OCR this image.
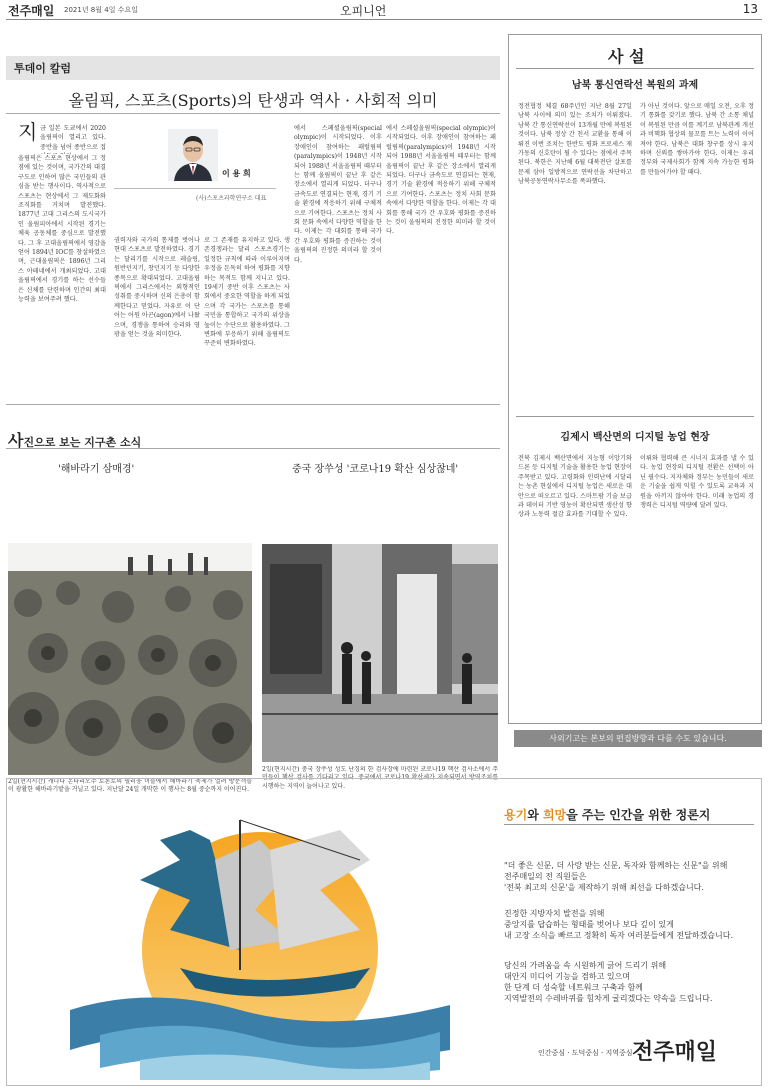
전주매일 2021년 8월 4일 수요일	오피니언	13
투데이 칼럼
올림픽, 스포츠(Sports)의 탄생과 역사 · 사회적 의미
지 금 일본 도쿄에서 2020올림픽이 열리고 있다. 중반을 넘어 종반으로 접
올림픽은 스포츠 현상에서 그 정점에 있는 것이며, 국가간의 대결 구도로 인하여 많은 국민들의 관심을 받는 행사이다. 역사적으로 스포츠는 현상에서 그 제도화와 조직화를 거치며 발전했다. 1877년 고대 그리스의 도시국가인 올림피아에서 시작된 경기는 체육 공동체를 중심으로 발전했다. 그 후 고대올림픽에서 영감을 얻어 1894년 IOC를 창설하였으며, 근대올림픽은 1896년 그리스 아테네에서 개최되었다. 고대올림픽에서 경기를 하는 선수들은 신체를 단련하며 인간의 최대 능력을 보여주려 했다.
이 용 희
(사)스포츠과학연구소 대표
권력자와 국가의 통제를 벗어나 현대 스포츠로 발전하였다. 경기는 달리기를 시작으로 레슬링, 원반던지기, 창던지기 등 다양한 종목으로 확대되었다. 고대올림픽에서 그리스에서는 외형적인 성취를 중시하며 신의 은총이 함께한다고 믿었다. 자유로 이 단어는 어원 아곤(agon)에서 나왔으며, 경쟁을 통하여 승리와 영광을 얻는 것을 의미한다.
로 그 존재를 유지하고 있다. 생존경쟁과는 달리 스포츠경기는 일정한 규칙에 따라 이루어지며 우정을 돈독히 하여 평화를 지향하는 목적도 함께 지니고 있다. 19세기 중반 이후 스포츠는 사회에서 중요한 역할을 하게 되었으며 각 국가는 스포츠를 통해 국민을 통합하고 국가의 위상을 높이는 수단으로 활용하였다. 그 변화에 부응하기 위해 올림픽도 꾸준히 변화하였다.
에서 스페셜올림픽(special olympic)이 시작되었다. 이후 장애인이 참여하는 패럴림픽(paralympics)이 1948년 시작되어 1988년 서울올림픽 때부터는 함께 올림픽이 끝난 후 같은 장소에서 열리게 되었다. 더구나 금속도로 연결되는 현재, 경기 기술 환경에 적응하기 위해 구체적으로 기여한다. 스포츠는 정치 사회 문화 속에서 다양한 역할을 한다. 이제는 각 대회를 통해 국가 간 우호와 평화를 증진하는 것이 올림픽의 진정한 의미라 할 것이다.
에서 스페셜올림픽(special olympic)이 시작되었다. 이후 장애인이 참여하는 패럴림픽(paralympics)이 1948년 시작되어 1988년 서울올림픽 때부터는 함께 올림픽이 끝난 후 같은 장소에서 열리게 되었다. 더구나 금속도로 연결되는 현재, 경기 기술 환경에 적응하기 위해 구체적으로 기여한다. 스포츠는 정치 사회 문화 속에서 다양한 역할을 한다. 이제는 각 대회를 통해 국가 간 우호와 평화를 증진하는 것이 올림픽의 진정한 의미라 할 것이다.
사 설
남북 통신연락선 복원의 과제
정전협정 체결 68주년인 지난 8월 27일 남북 사이에 의미 있는 조치가 이뤄졌다. 남북 간 통신연락선이 13개월 만에 복원된 것이다. 남북 정상 간 친서 교환을 통해 이뤄진 이번 조치는 한반도 평화 프로세스 재가동의 신호탄이 될 수 있다는 점에서 주목된다. 북한은 지난해 6월 대북전단 살포를 문제 삼아 일방적으로 연락선을 차단하고 남북공동연락사무소를 폭파했다.
가 아닌 것이다. 앞으로 매일 오전, 오후 정기 통화를 갖기로 했다. 남북 간 소통 채널이 복원된 만큼 이를 계기로 남북관계 개선과 비핵화 협상의 물꼬를 트는 노력이 이어져야 한다. 남북은 대화 창구를 상시 유지하며 신뢰를 쌓아가야 한다. 이제는 우리 정부와 국제사회가 함께 지속 가능한 평화를 만들어가야 할 때다.
김제시 백산면의 디지털 농업 현장
전북 김제시 백산면에서 지능형 이앙기와 드론 등 디지털 기술을 활용한 농업 현장이 주목받고 있다. 고령화와 인력난에 시달리는 농촌 현실에서 디지털 농업은 새로운 대안으로 떠오르고 있다. 스마트팜 기술 보급과 데이터 기반 영농이 확산되면 생산성 향상과 노동력 절감 효과를 기대할 수 있다.
이뤄와 협력해 큰 시너지 효과를 낼 수 있다. 농업 현장의 디지털 전환은 선택이 아닌 필수다. 지자체와 정부는 농민들이 새로운 기술을 쉽게 익힐 수 있도록 교육과 지원을 아끼지 않아야 한다. 미래 농업의 경쟁력은 디지털 역량에 달려 있다.
사외기고는 본보의 편집방향과 다를 수도 있습니다.
사진으로 보는 지구촌 소식
'해바라기 삼매경'
2일(현지시간) 캐나다 온타리오주 토론토의 필러웅 미들에서 해바라기 축제가 열려 방문객들이 광활한 해바라기밭을 거닐고 있다. 지난달 24일 개막한 이 행사는 8월 중순까지 이어진다.
중국 장쑤성 '코로나19 확산 심상찮네'
2일(현지시간) 중국 장쑤성 성도 난징의 한 검사장에 마련된 코로나19 핵산 검사소에서 주민들이 핵산 검사를 기다리고 있다. 중국에서 코로나19 확산세가 지속되면서 방역조치를 시행하는 지역이 늘어나고 있다.
용기와 희망을 주는 인간을 위한 정론지
"더 좋은 신문, 더 사랑 받는 신문, 독자와 함께하는 신문"을 위해
전주매일의 전 직원들은
'전북 최고의 신문'을 제작하기 위해 최선을 다하겠습니다.
진정한 지방자치 발전을 위해
중앙지를 답습하는 형태를 벗어나 보다 깊이 있게
내 고장 소식을 빠르고 정확히 독자 여러분들에게 전달하겠습니다.
당신의 가려움을 속 시원하게 긁어 드리기 위해
대안지 미디어 기능을 겸하고 있으며
한 단계 더 성숙할 네트워크 구축과 함께
지역발전의 수레바퀴를 힘차게 굴리겠다는 약속을 드립니다.
인간중심 · 도덕중심 · 지역중심 전주매일
